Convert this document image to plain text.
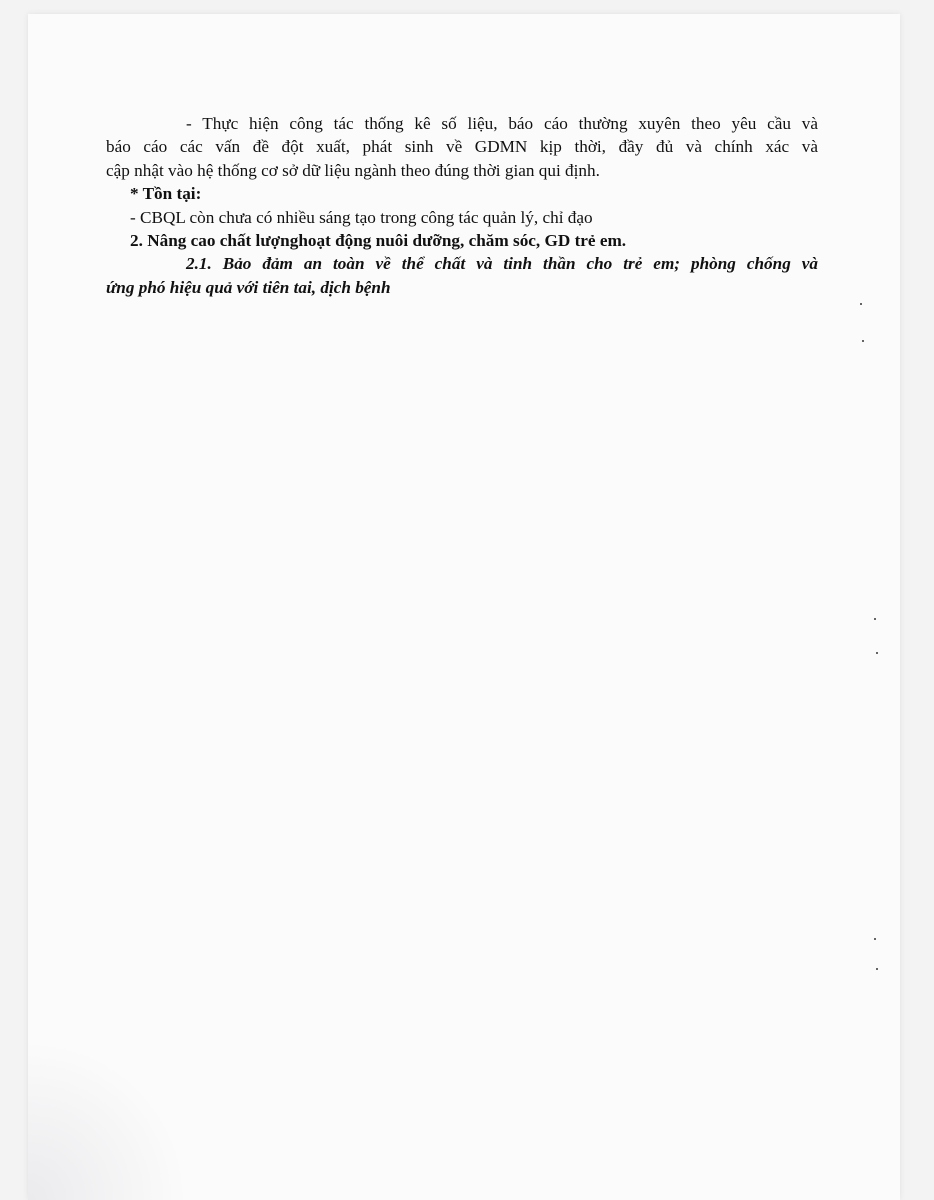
- Thực hiện công tác thống kê số liệu, báo cáo thường xuyên theo yêu cầu và
báo cáo các vấn đề đột xuất, phát sinh về GDMN kịp thời, đầy đủ và chính xác và
cập nhật vào hệ thống cơ sở dữ liệu ngành theo đúng thời gian qui định.
* Tồn tại:
- CBQL còn chưa có nhiều sáng tạo trong công tác quản lý, chỉ đạo
2. Nâng cao chất lượnghoạt động nuôi dưỡng, chăm sóc, GD trẻ em.
2.1. Bảo đảm an toàn về thể chất và tinh thần cho trẻ em; phòng chống và
ứng phó hiệu quả với tiên tai, dịch bệnh
